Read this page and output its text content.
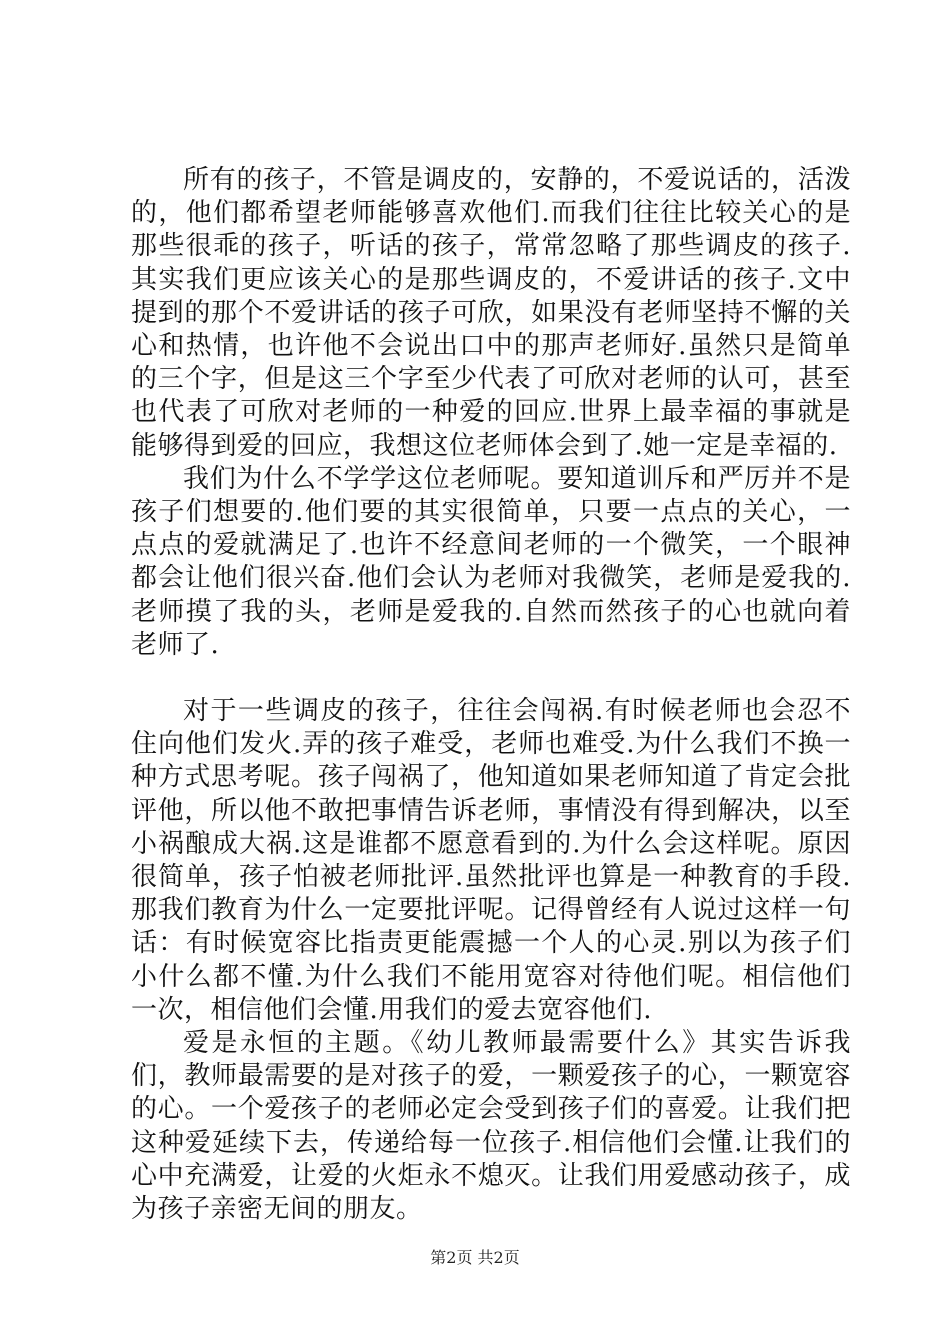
所有的孩子，不管是调皮的，安静的，不爱说话的，活泼的，他们都希望老师能够喜欢他们.而我们往往比较关心的是那些很乖的孩子，听话的孩子，常常忽略了那些调皮的孩子.其实我们更应该关心的是那些调皮的，不爱讲话的孩子.文中提到的那个不爱讲话的孩子可欣，如果没有老师坚持不懈的关心和热情，也许他不会说出口中的那声老师好.虽然只是简单的三个字，但是这三个字至少代表了可欣对老师的认可，甚至也代表了可欣对老师的一种爱的回应.世界上最幸福的事就是能够得到爱的回应，我想这位老师体会到了.她一定是幸福的.

我们为什么不学学这位老师呢。要知道训斥和严厉并不是孩子们想要的.他们要的其实很简单，只要一点点的关心，一点点的爱就满足了.也许不经意间老师的一个微笑，一个眼神都会让他们很兴奋.他们会认为老师对我微笑，老师是爱我的.老师摸了我的头，老师是爱我的.自然而然孩子的心也就向着老师了.

对于一些调皮的孩子，往往会闯祸.有时候老师也会忍不住向他们发火.弄的孩子难受，老师也难受.为什么我们不换一种方式思考呢。孩子闯祸了，他知道如果老师知道了肯定会批评他，所以他不敢把事情告诉老师，事情没有得到解决，以至小祸酿成大祸.这是谁都不愿意看到的.为什么会这样呢。原因很简单，孩子怕被老师批评.虽然批评也算是一种教育的手段.那我们教育为什么一定要批评呢。记得曾经有人说过这样一句话：有时候宽容比指责更能震撼一个人的心灵.别以为孩子们小什么都不懂.为什么我们不能用宽容对待他们呢。相信他们一次，相信他们会懂.用我们的爱去宽容他们.

爱是永恒的主题。《幼儿教师最需要什么》其实告诉我们，教师最需要的是对孩子的爱，一颗爱孩子的心，一颗宽容的心。一个爱孩子的老师必定会受到孩子们的喜爱。让我们把这种爱延续下去，传递给每一位孩子.相信他们会懂.让我们的心中充满爱，让爱的火炬永不熄灭。让我们用爱感动孩子，成为孩子亲密无间的朋友。

第2页 共2页
